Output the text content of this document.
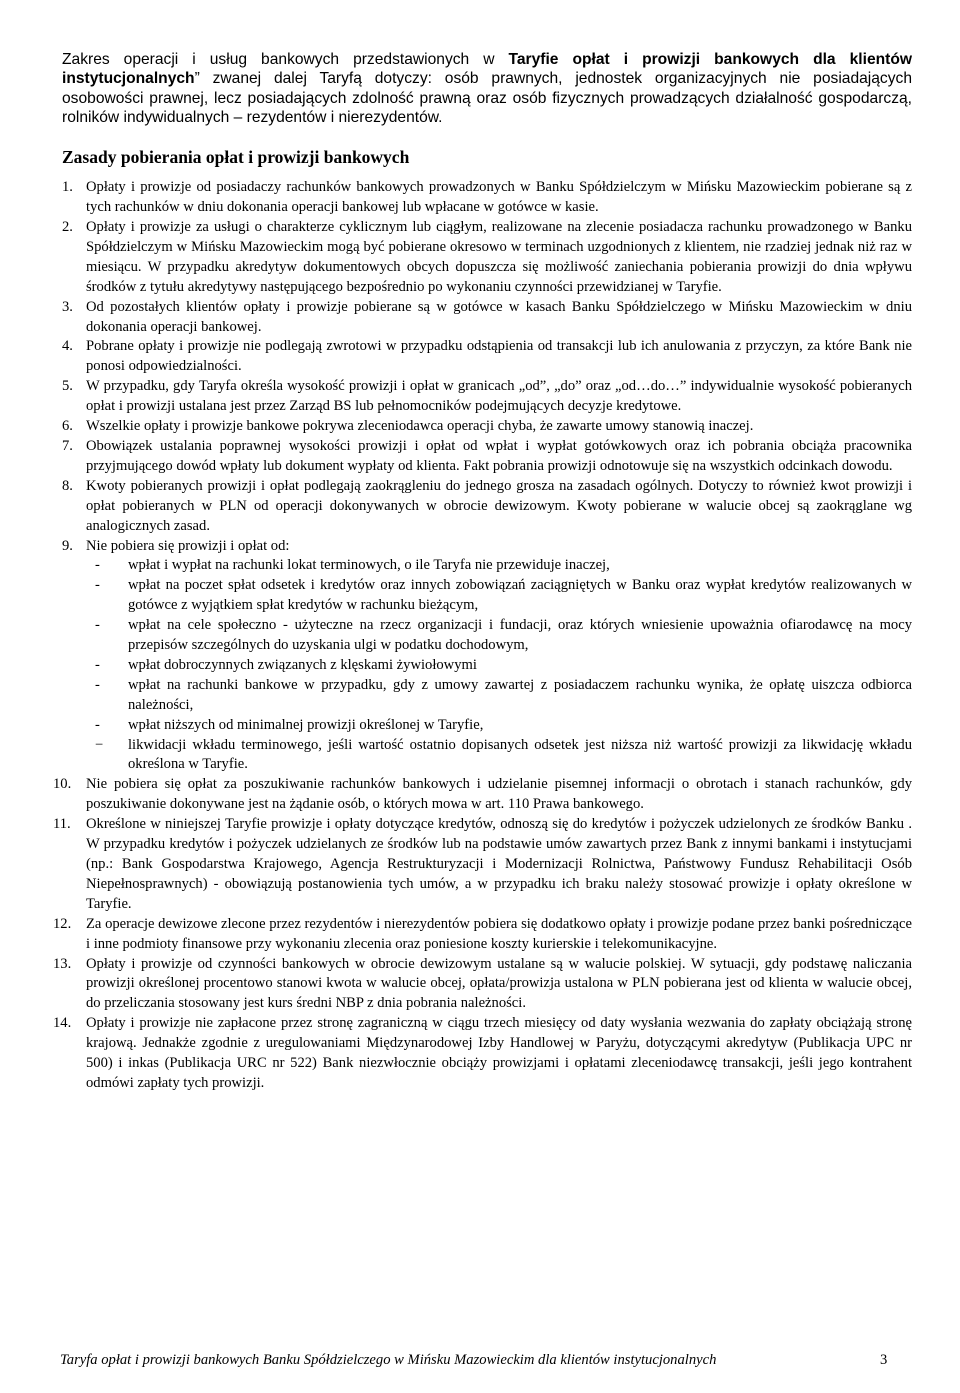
Zakres operacji i usług bankowych przedstawionych w Taryfie opłat i prowizji bankowych dla klientów instytucjonalnych” zwanej dalej Taryfą dotyczy: osób prawnych, jednostek organizacyjnych nie posiadających osobowości prawnej, lecz posiadających zdolność prawną oraz osób fizycznych prowadzących działalność gospodarczą, rolników indywidualnych – rezydentów i nierezydentów.

Zasady pobierania opłat i prowizji bankowych
1. Opłaty i prowizje od posiadaczy rachunków bankowych prowadzonych w Banku Spółdzielczym w Mińsku Mazowieckim pobierane są z tych rachunków w dniu dokonania operacji bankowej lub wpłacane w gotówce w kasie.
2. Opłaty i prowizje za usługi o charakterze cyklicznym lub ciągłym, realizowane na zlecenie posiadacza rachunku prowadzonego w Banku Spółdzielczym w Mińsku Mazowieckim mogą być pobierane okresowo w terminach uzgodnionych z klientem, nie rzadziej jednak niż raz w miesiącu. W przypadku akredytyw dokumentowych obcych dopuszcza się możliwość zaniechania pobierania prowizji do dnia wpływu środków z tytułu akredytywy następującego bezpośrednio po wykonaniu czynności przewidzianej w Taryfie.
3. Od pozostałych klientów opłaty i prowizje pobierane są w gotówce w kasach Banku Spółdzielczego w Mińsku Mazowieckim w dniu dokonania operacji bankowej.
4. Pobrane opłaty i prowizje nie podlegają zwrotowi w przypadku odstąpienia od transakcji lub ich anulowania z przyczyn, za które Bank nie ponosi odpowiedzialności.
5. W przypadku, gdy Taryfa określa wysokość prowizji i opłat w granicach „od”, „do” oraz „od…do…” indywidualnie wysokość pobieranych opłat i prowizji ustalana jest przez Zarząd BS lub pełnomocników podejmujących decyzje kredytowe.
6. Wszelkie opłaty i prowizje bankowe pokrywa zleceniodawca operacji chyba, że zawarte umowy stanowią inaczej.
7. Obowiązek ustalania poprawnej wysokości prowizji i opłat od wpłat i wypłat gotówkowych oraz ich pobrania obciąża pracownika przyjmującego dowód wpłaty lub dokument wypłaty od klienta. Fakt pobrania prowizji odnotowuje się na wszystkich odcinkach dowodu.
8. Kwoty pobieranych prowizji i opłat podlegają zaokrągleniu do jednego grosza na zasadach ogólnych. Dotyczy to również kwot prowizji i opłat pobieranych w PLN od operacji dokonywanych w obrocie dewizowym. Kwoty pobierane w walucie obcej są zaokrąglane wg analogicznych zasad.
9. Nie pobiera się prowizji i opłat od:
- wpłat i wypłat na rachunki lokat terminowych, o ile Taryfa nie przewiduje inaczej,
- wpłat na poczet spłat odsetek i kredytów oraz innych zobowiązań zaciągniętych w Banku oraz wypłat kredytów realizowanych w gotówce z wyjątkiem spłat kredytów w rachunku bieżącym,
- wpłat na cele społeczno - użyteczne na rzecz organizacji i fundacji, oraz których wniesienie upoważnia ofiarodawcę na mocy przepisów szczególnych do uzyskania ulgi w podatku dochodowym,
- wpłat dobroczynnych związanych z klęskami żywiołowymi
- wpłat na rachunki bankowe w przypadku, gdy z umowy zawartej z posiadaczem rachunku wynika, że opłatę uiszcza odbiorca należności,
- wpłat niższych od minimalnej prowizji określonej w Taryfie,
− likwidacji wkładu terminowego, jeśli wartość ostatnio dopisanych odsetek jest niższa niż wartość prowizji za likwidację wkładu określona w Taryfie.
10. Nie pobiera się opłat za poszukiwanie rachunków bankowych i udzielanie pisemnej informacji o obrotach i stanach rachunków, gdy poszukiwanie dokonywane jest na żądanie osób, o których mowa w art. 110 Prawa bankowego.
11. Określone w niniejszej Taryfie prowizje i opłaty dotyczące kredytów, odnoszą się do kredytów i pożyczek udzielonych ze środków Banku . W przypadku kredytów i pożyczek udzielanych ze środków lub na podstawie umów zawartych przez Bank z innymi bankami i instytucjami (np.: Bank Gospodarstwa Krajowego, Agencja Restrukturyzacji i Modernizacji Rolnictwa, Państwowy Fundusz Rehabilitacji Osób Niepełnosprawnych) - obowiązują postanowienia tych umów, a w przypadku ich braku należy stosować prowizje i opłaty określone w Taryfie.
12. Za operacje dewizowe zlecone przez rezydentów i nierezydentów pobiera się dodatkowo opłaty i prowizje podane przez banki pośredniczące i inne podmioty finansowe przy wykonaniu zlecenia oraz poniesione koszty kurierskie i telekomunikacyjne.
13. Opłaty i prowizje od czynności bankowych w obrocie dewizowym ustalane są w walucie polskiej. W sytuacji, gdy podstawę naliczania prowizji określonej procentowo stanowi kwota w walucie obcej, opłata/prowizja ustalona w PLN pobierana jest od klienta w walucie obcej, do przeliczania stosowany jest kurs średni NBP z dnia pobrania należności.
14. Opłaty i prowizje nie zapłacone przez stronę zagraniczną w ciągu trzech miesięcy od daty wysłania wezwania do zapłaty obciążają stronę krajową. Jednakże zgodnie z uregulowaniami Międzynarodowej Izby Handlowej w Paryżu, dotyczącymi akredytyw (Publikacja UPC nr 500) i inkas (Publikacja URC nr 522) Bank niezwłocznie obciąży prowizjami i opłatami zleceniodawcę transakcji, jeśli jego kontrahent odmówi zapłaty tych prowizji.
Taryfa opłat i prowizji bankowych Banku Spółdzielczego w Mińsku Mazowieckim dla klientów instytucjonalnych	3
